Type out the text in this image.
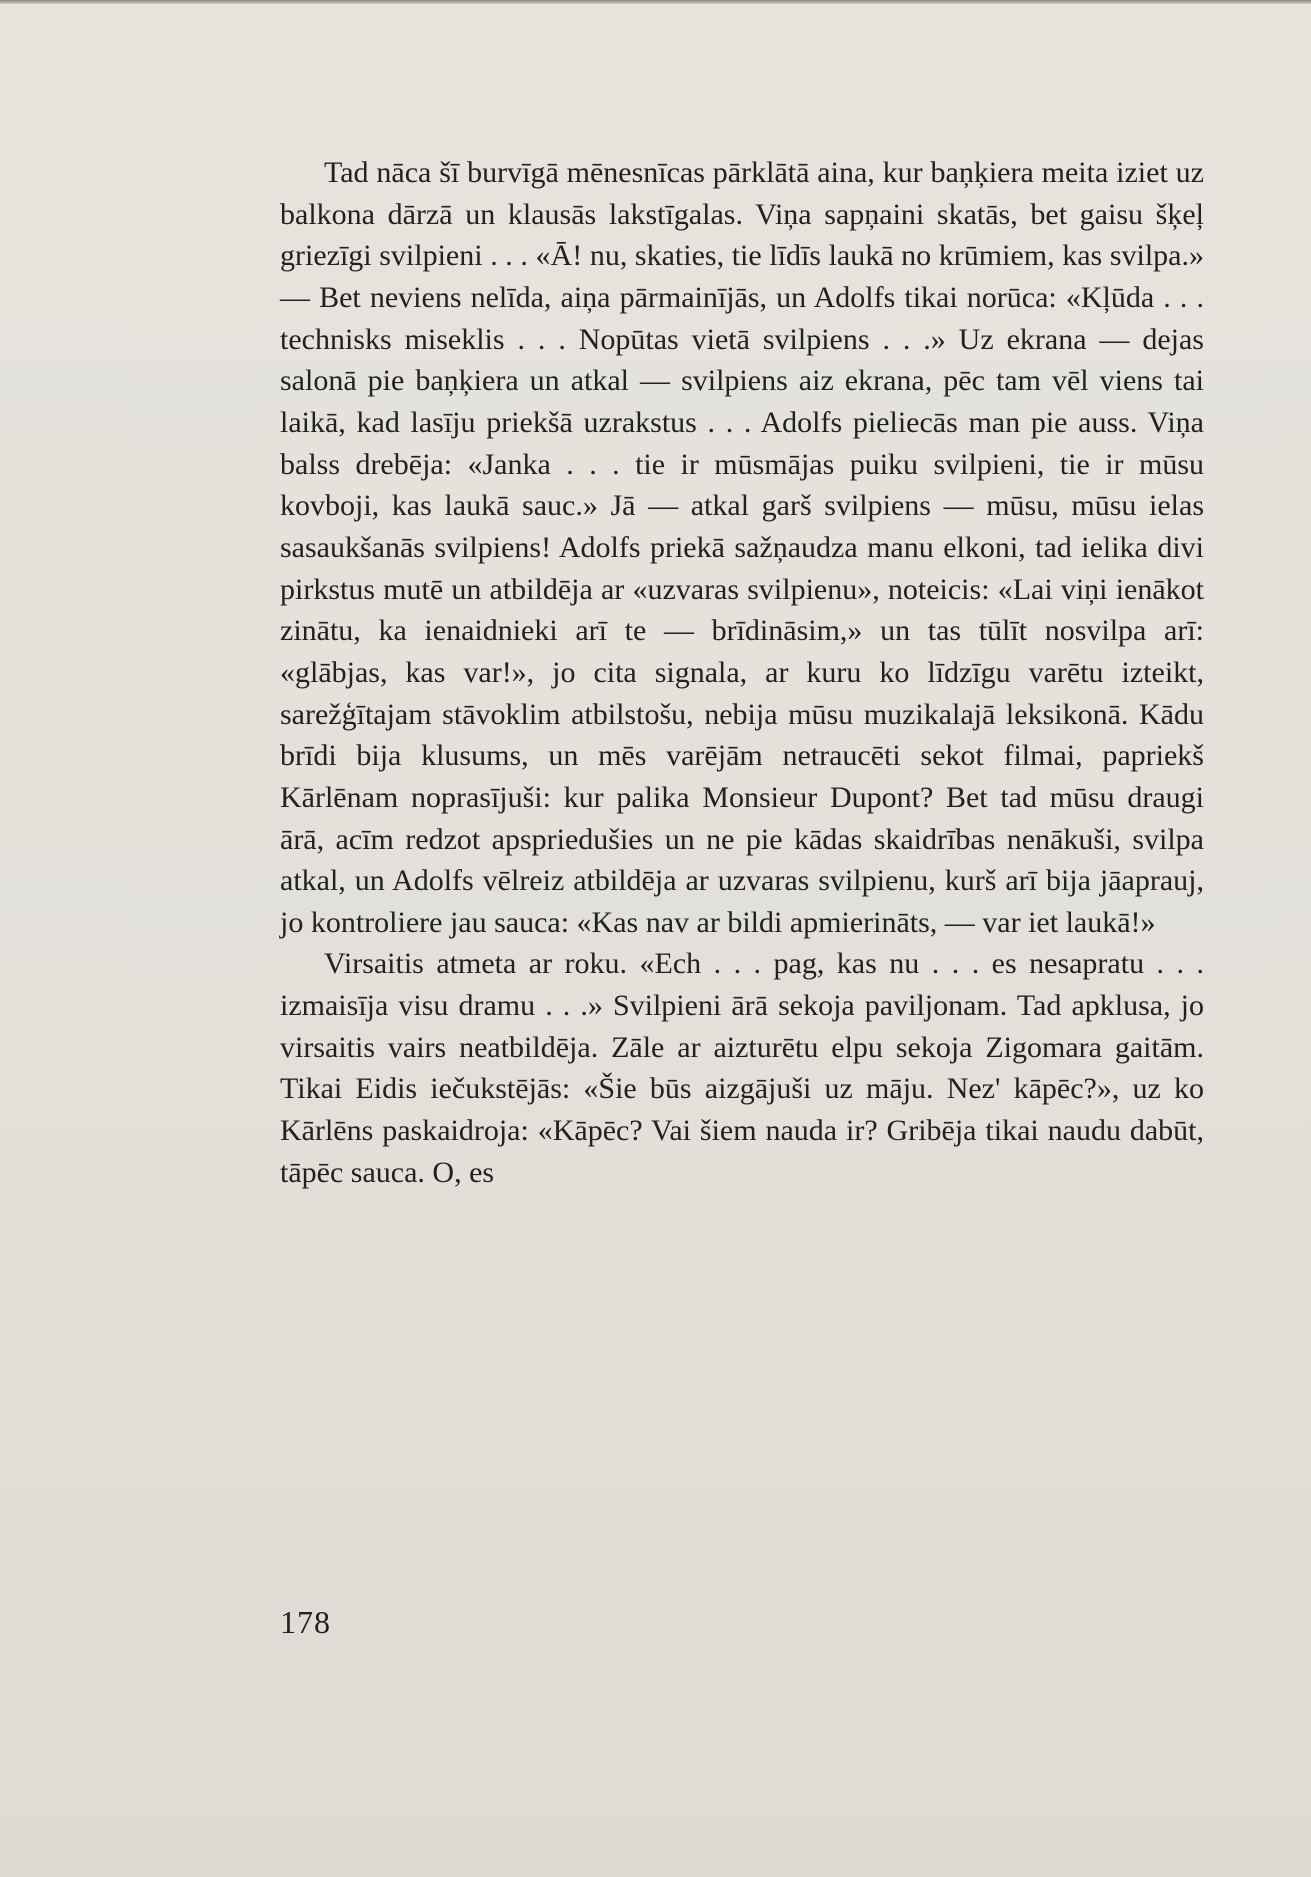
Tad nāca šī burvīgā mēnesnīcas pārklātā aina, kur baņķiera meita iziet uz balkona dārzā un klausās lakstīgalas. Viņa sapņaini skatās, bet gaisu šķeļ griezīgi svilpieni . . . «Ā! nu, skaties, tie līdīs laukā no krūmiem, kas svilpa.» — Bet neviens nelīda, aiņa pārmainījās, un Adolfs tikai norūca: «Kļūda . . . technisks miseklis . . . Nopūtas vietā svilpiens . . .» Uz ekrana — dejas salonā pie baņķiera un atkal — svilpiens aiz ekrana, pēc tam vēl viens tai laikā, kad lasīju priekšā uzrakstus . . . Adolfs pieliecās man pie auss. Viņa balss drebēja: «Janka . . . tie ir mūsmājas puiku svilpieni, tie ir mūsu kovboji, kas laukā sauc.» Jā — atkal garš svilpiens — mūsu, mūsu ielas sasaukšanās svilpiens! Adolfs priekā sažņaudza manu elkoni, tad ielika divi pirkstus mutē un atbildēja ar «uzvaras svilpienu», noteicis: «Lai viņi ienākot zinātu, ka ienaidnieki arī te — brīdināsim,» un tas tūlīt nosvilpa arī: «glābjas, kas var!», jo cita signala, ar kuru ko līdzīgu varētu izteikt, sarežģītajam stāvoklim atbilstošu, nebija mūsu muzikalajā leksikonā. Kādu brīdi bija klusums, un mēs varējām netraucēti sekot filmai, papriekš Kārlēnam noprasījuši: kur palika Monsieur Dupont? Bet tad mūsu draugi ārā, acīm redzot apspriedušies un ne pie kādas skaidrības nenākuši, svilpa atkal, un Adolfs vēlreiz atbildēja ar uzvaras svilpienu, kurš arī bija jāaprauj, jo kontroliere jau sauca: «Kas nav ar bildi apmierināts, — var iet laukā!»

Virsaitis atmeta ar roku. «Ech . . . pag, kas nu . . . es nesapratu . . . izmaisīja visu dramu . . .» Svilpieni ārā sekoja paviljonam. Tad apklusa, jo virsaitis vairs neatbildēja. Zāle ar aizturētu elpu sekoja Zigomara gaitām. Tikai Eidis iečukstējās: «Šie būs aizgājuši uz māju. Nez' kāpēc?», uz ko Kārlēns paskaidroja: «Kāpēc? Vai šiem nauda ir? Gribēja tikai naudu dabūt, tāpēc sauca. O, es

178
